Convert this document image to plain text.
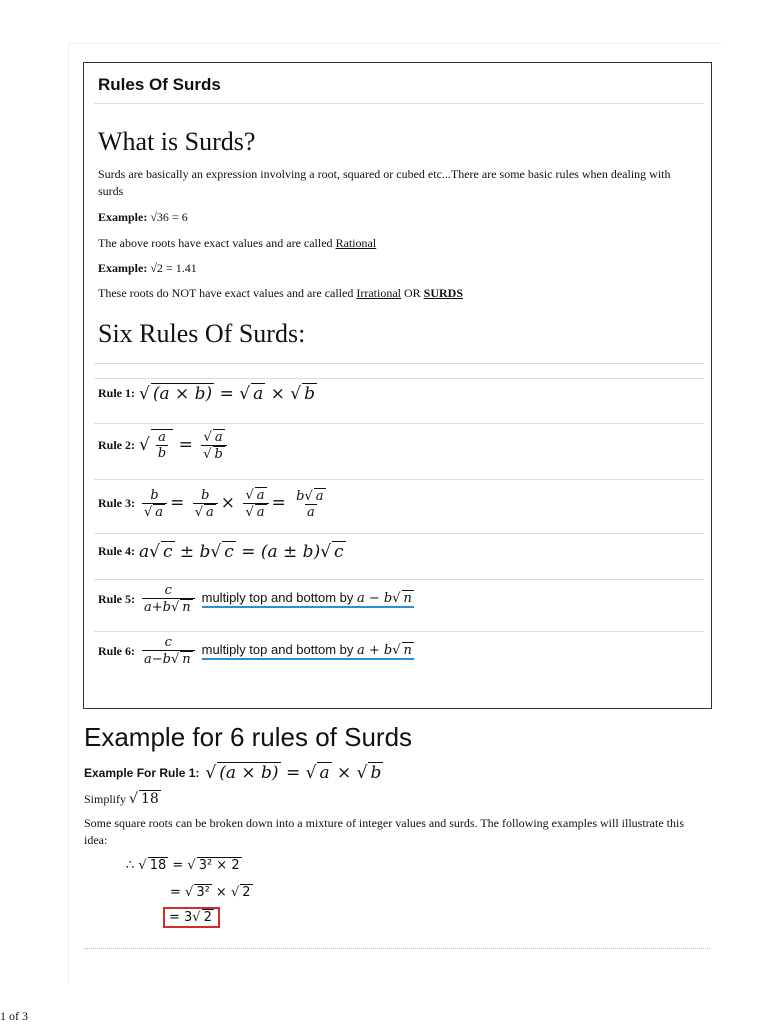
Rules Of Surds
What is Surds?
Surds are basically an expression involving a root, squared or cubed etc...There are some basic rules when dealing with surds
Example: √36 = 6
The above roots have exact values and are called Rational
Example: √2 = 1.41
These roots do NOT have exact values and are called Irrational OR SURDS
Six Rules Of Surds:
Rule 1: √ (a × b) = √ a × √ b
Rule 2: √ $\frac{a}{b} = \frac{√ a}{√ b}$
Rule 3: $\frac{b}{√ a} = \frac{b}{√ a} \times \frac{√ a}{√ a} = \frac{b√ a}{a}$
Rule 4: a√ c ± b√ c = (a ± b)√ c
Rule 5: $\frac{c}{a+b√ n}$ multiply top and bottom by a − b√ n
Rule 6: $\frac{c}{a-b√ n}$ multiply top and bottom by a + b√ n
Example for 6 rules of Surds
Example For Rule 1: √ (a × b) = √ a × √ b
Simplify √ 18
Some square roots can be broken down into a mixture of integer values and surds. The following examples will illustrate this idea:
∴ √ 18 = √ 3² × 2
= √ 3² × √ 2
= 3√ 2
1 of 3
